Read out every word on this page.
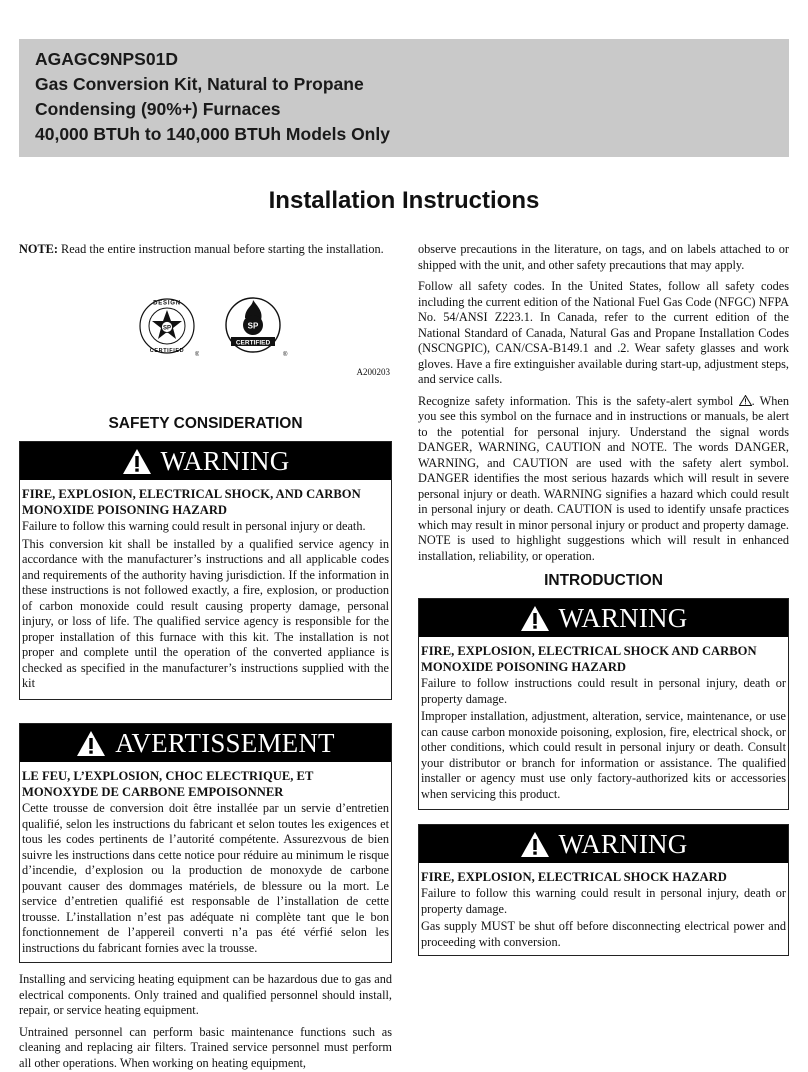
AGAGC9NPS01D
Gas Conversion Kit, Natural to Propane
Condensing (90%+) Furnaces
40,000 BTUh to 140,000 BTUh Models Only
Installation Instructions
NOTE: Read the entire instruction manual before starting the installation.
SP
DESIGN
CERTIFIED
®
SP
CERTIFIED
®
A200203
SAFETY CONSIDERATION
WARNING
FIRE, EXPLOSION, ELECTRICAL SHOCK, AND CARBON MONOXIDE POISONING HAZARD
Failure to follow this warning could result in personal injury or death.
This conversion kit shall be installed by a qualified service agency in accordance with the manufacturer’s instructions and all applicable codes and requirements of the authority having jurisdiction. If the information in these instructions is not followed exactly, a fire, explosion, or production of carbon monoxide could result causing property damage, personal injury, or loss of life. The qualified service agency is responsible for the proper installation of this furnace with this kit. The installation is not proper and complete until the operation of the converted appliance is checked as specified in the manufacturer’s instructions supplied with the kit
AVERTISSEMENT
LE FEU, L’EXPLOSION, CHOC ELECTRIQUE, ET MONOXYDE DE CARBONE EMPOISONNER
Cette trousse de conversion doit être installée par un servie d’entretien qualifié, selon les instructions du fabricant et selon toutes les exigences et tous les codes pertinents de l’autorité compétente. Assurezvous de bien suivre les instructions dans cette notice pour réduire au minimum le risque d’incendie, d’explosion ou la production de monoxyde de carbone pouvant causer des dommages matériels, de blessure ou la mort. Le service d’entretien qualifié est responsable de l’installation de cette trousse. L’installation n’est pas adéquate ni complète tant que le bon fonctionnement de l’appereil converti n’a pas été vérfié selon les instructions du fabricant fornies avec la trousse.
Installing and servicing heating equipment can be hazardous due to gas and electrical components. Only trained and qualified personnel should install, repair, or service heating equipment.
Untrained personnel can perform basic maintenance functions such as cleaning and replacing air filters. Trained service personnel must perform all other operations. When working on heating equipment,
observe precautions in the literature, on tags, and on labels attached to or shipped with the unit, and other safety precautions that may apply.
Follow all safety codes. In the United States, follow all safety codes including the current edition of the National Fuel Gas Code (NFGC) NFPA No. 54/ANSI Z223.1. In Canada, refer to the current edition of the National Standard of Canada, Natural Gas and Propane Installation Codes (NSCNGPIC), CAN/CSA-B149.1 and .2. Wear safety glasses and work gloves. Have a fire extinguisher available during start-up, adjustment steps, and service calls.
Recognize safety information. This is the safety-alert symbol . When you see this symbol on the furnace and in instructions or manuals, be alert to the potential for personal injury. Understand the signal words DANGER, WARNING, CAUTION and NOTE. The words DANGER, WARNING, and CAUTION are used with the safety alert symbol. DANGER identifies the most serious hazards which will result in severe personal injury or death. WARNING signifies a hazard which could result in personal injury or death. CAUTION is used to identify unsafe practices which may result in minor personal injury or product and property damage. NOTE is used to highlight suggestions which will result in enhanced installation, reliability, or operation.
INTRODUCTION
WARNING
FIRE, EXPLOSION, ELECTRICAL SHOCK AND CARBON MONOXIDE POISONING HAZARD
Failure to follow instructions could result in personal injury, death or property damage.
Improper installation, adjustment, alteration, service, maintenance, or use can cause carbon monoxide poisoning, explosion, fire, electrical shock, or other conditions, which could result in personal injury or death. Consult your distributor or branch for information or assistance. The qualified installer or agency must use only factory-authorized kits or accessories when servicing this product.
WARNING
FIRE, EXPLOSION, ELECTRICAL SHOCK HAZARD
Failure to follow this warning could result in personal injury, death or property damage.
Gas supply MUST be shut off before disconnecting electrical power and proceeding with conversion.
